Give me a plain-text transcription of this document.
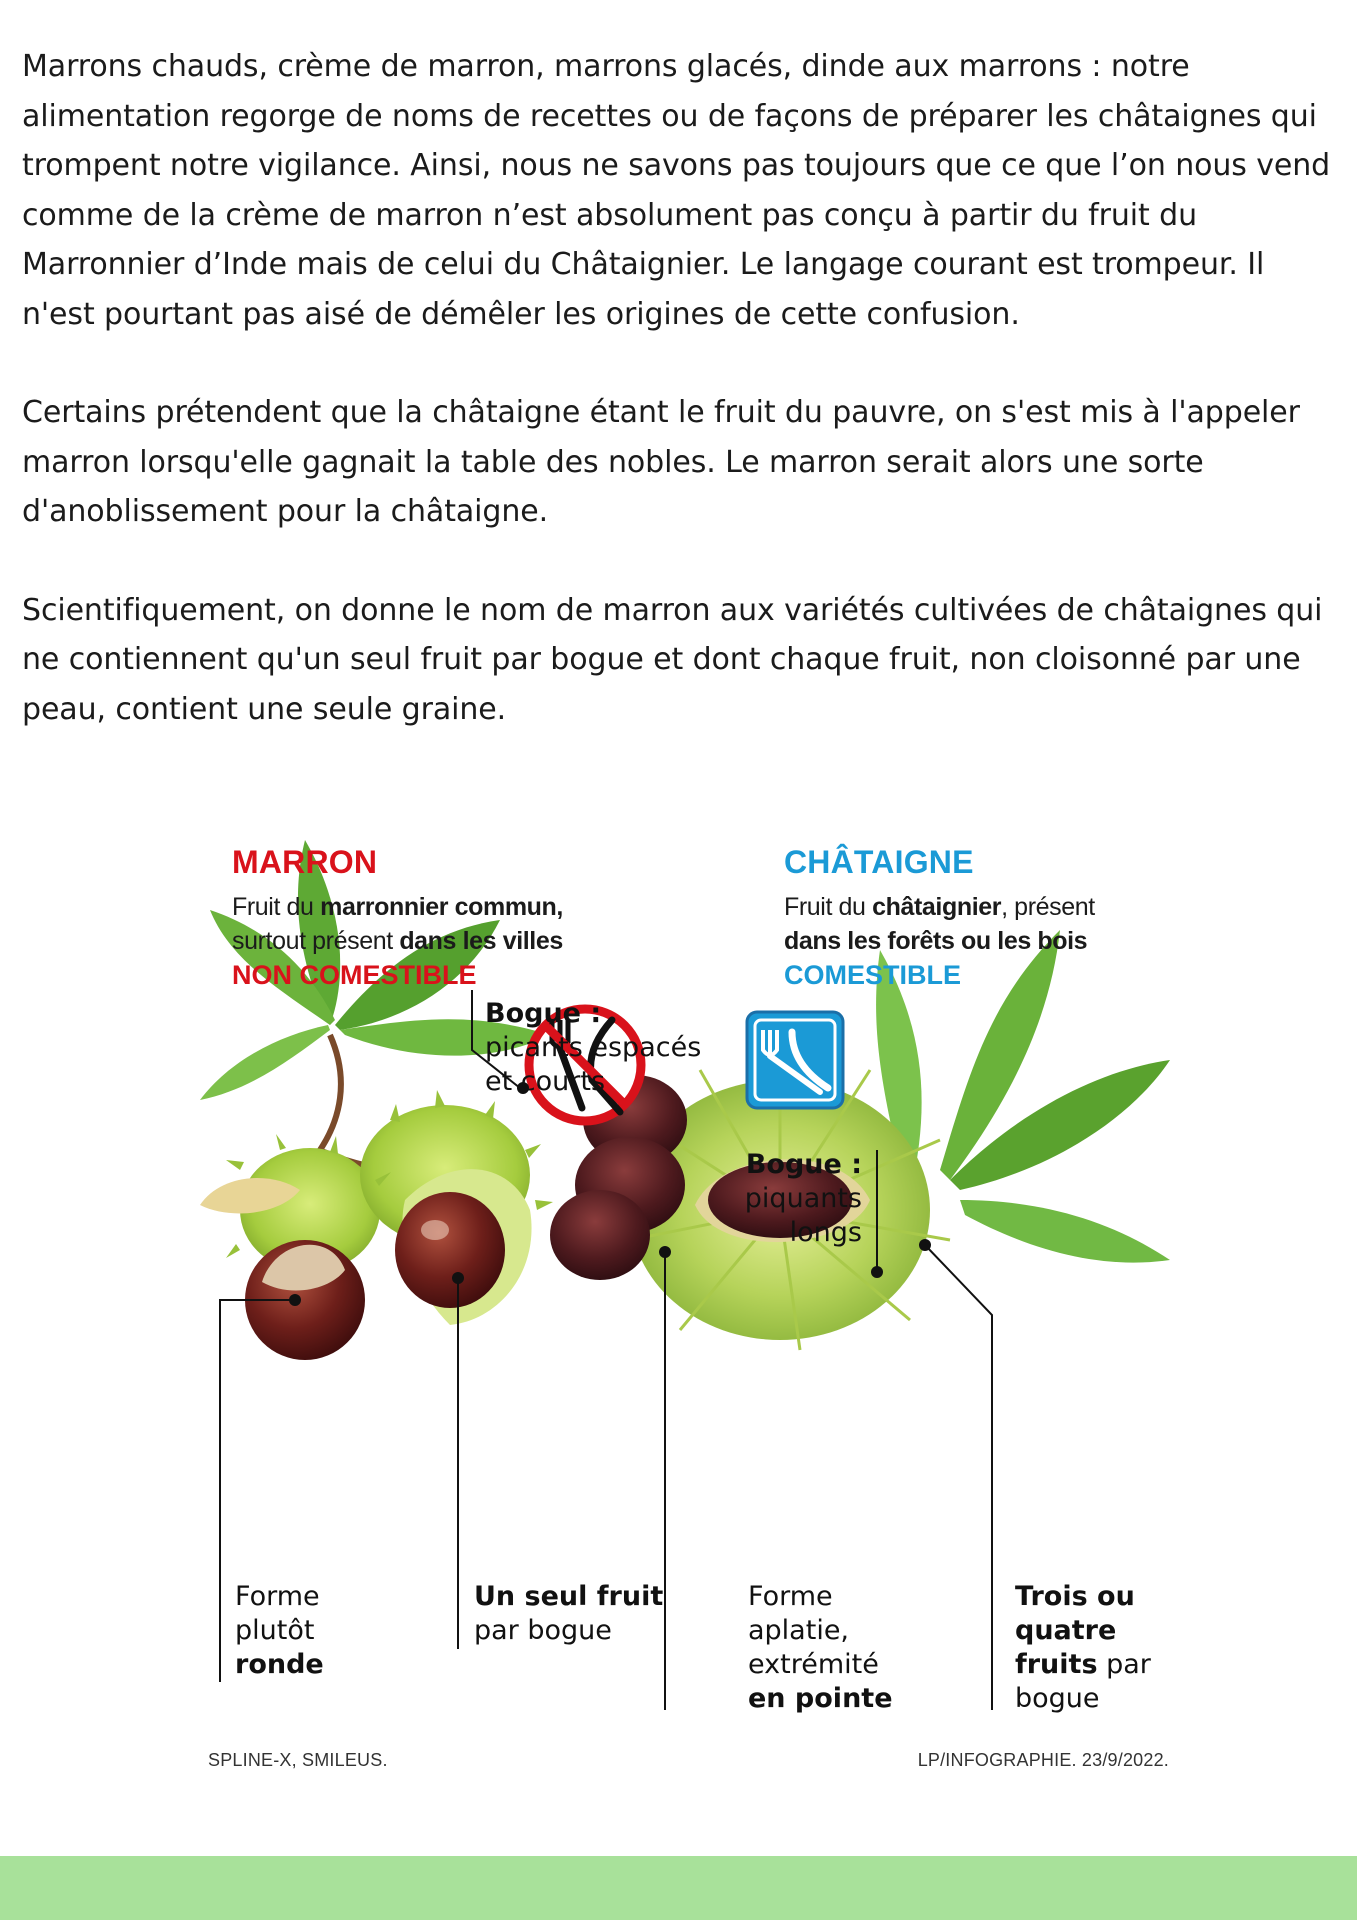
Marrons chauds, crème de marron, marrons glacés, dinde aux marrons : notre alimentation regorge de noms de recettes ou de façons de préparer les châtaignes qui trompent notre vigilance. Ainsi, nous ne savons pas toujours que ce que l’on nous vend comme de la crème de marron n’est absolument pas conçu à partir du fruit du Marronnier d’Inde mais de celui du Châtaignier. Le langage courant est trompeur. Il n'est pourtant pas aisé de démêler les origines de cette confusion.

Certains prétendent que la châtaigne étant le fruit du pauvre, on s'est mis à l'appeler marron lorsqu'elle gagnait la table des nobles. Le marron serait alors une sorte d'anoblissement pour la châtaigne.

Scientifiquement, on donne le nom de marron aux variétés cultivées de châtaignes qui ne contiennent qu'un seul fruit par bogue et dont chaque fruit, non cloisonné par une peau, contient une seule graine.

MARRON
Fruit du marronnier commun,
surtout présent dans les villes
NON COMESTIBLE
CHÂTAIGNE
Fruit du châtaignier, présent
dans les forêts ou les bois
COMESTIBLE
Bogue :
picants espacés
et courts
Forme
plutôt
ronde
Un seul fruit
par bogue
Bogue :
piquants
longs
Forme
aplatie,
extrémité
en pointe
Trois ou
quatre
fruits par
bogue
SPLINE-X, SMILEUS.	LP/INFOGRAPHIE. 23/9/2022.
